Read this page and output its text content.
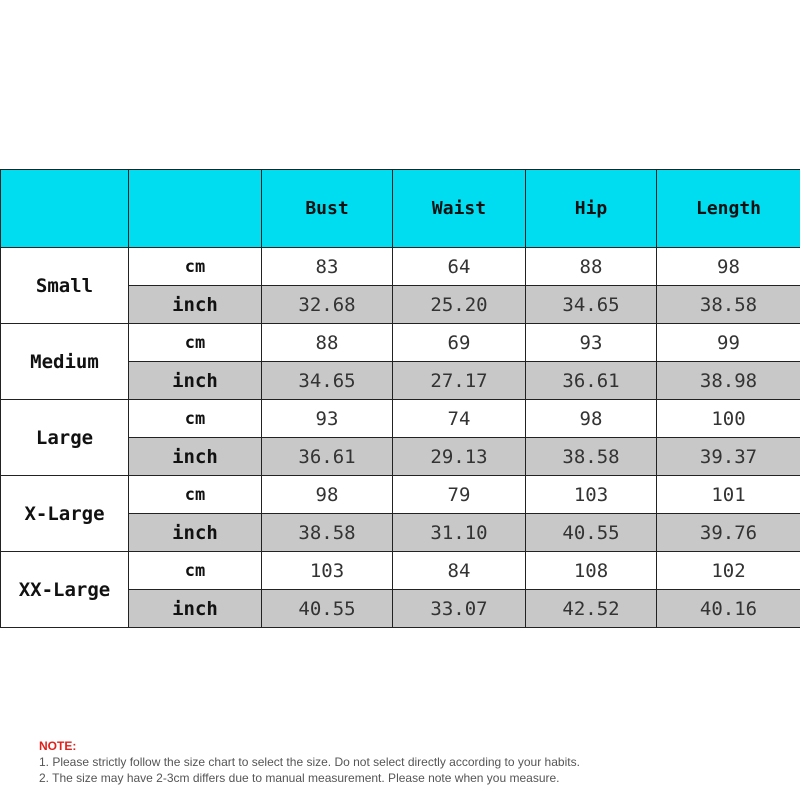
		Bust	Waist	Hip	Length
Small	cm	83	64	88	98
	inch	32.68	25.20	34.65	38.58
Medium	cm	88	69	93	99
	inch	34.65	27.17	36.61	38.98
Large	cm	93	74	98	100
	inch	36.61	29.13	38.58	39.37
X-Large	cm	98	79	103	101
	inch	38.58	31.10	40.55	39.76
XX-Large	cm	103	84	108	102
	inch	40.55	33.07	42.52	40.16
NOTE:
1. Please strictly follow the size chart to select the size. Do not select directly according to your habits.
2. The size may have 2-3cm differs due to manual measurement. Please note when you measure.
